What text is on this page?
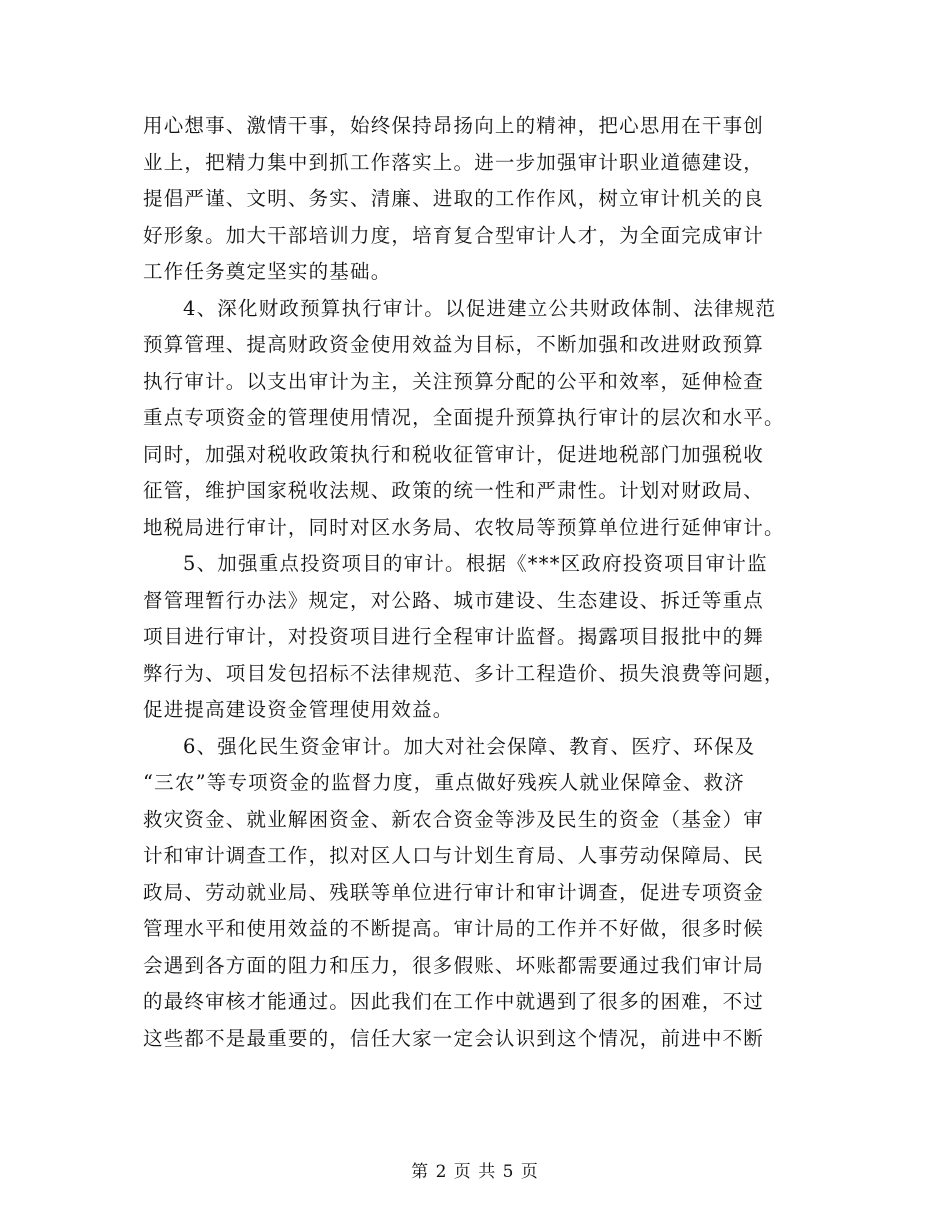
用心想事、激情干事，始终保持昂扬向上的精神，把心思用在干事创
业上，把精力集中到抓工作落实上。进一步加强审计职业道德建设，
提倡严谨、文明、务实、清廉、进取的工作作风，树立审计机关的良
好形象。加大干部培训力度，培育复合型审计人才，为全面完成审计
工作任务奠定坚实的基础。
4、深化财政预算执行审计。以促进建立公共财政体制、法律规范
预算管理、提高财政资金使用效益为目标，不断加强和改进财政预算
执行审计。以支出审计为主，关注预算分配的公平和效率，延伸检查
重点专项资金的管理使用情况，全面提升预算执行审计的层次和水平。
同时，加强对税收政策执行和税收征管审计，促进地税部门加强税收
征管，维护国家税收法规、政策的统一性和严肃性。计划对财政局、
地税局进行审计，同时对区水务局、农牧局等预算单位进行延伸审计。
5、加强重点投资项目的审计。根据《***区政府投资项目审计监
督管理暂行办法》规定，对公路、城市建设、生态建设、拆迁等重点
项目进行审计，对投资项目进行全程审计监督。揭露项目报批中的舞
弊行为、项目发包招标不法律规范、多计工程造价、损失浪费等问题，
促进提高建设资金管理使用效益。
6、强化民生资金审计。加大对社会保障、教育、医疗、环保及
“三农”等专项资金的监督力度，重点做好残疾人就业保障金、救济
救灾资金、就业解困资金、新农合资金等涉及民生的资金（基金）审
计和审计调查工作，拟对区人口与计划生育局、人事劳动保障局、民
政局、劳动就业局、残联等单位进行审计和审计调查，促进专项资金
管理水平和使用效益的不断提高。审计局的工作并不好做，很多时候
会遇到各方面的阻力和压力，很多假账、坏账都需要通过我们审计局
的最终审核才能通过。因此我们在工作中就遇到了很多的困难，不过
这些都不是最重要的，信任大家一定会认识到这个情况，前进中不断
第 2 页 共 5 页
